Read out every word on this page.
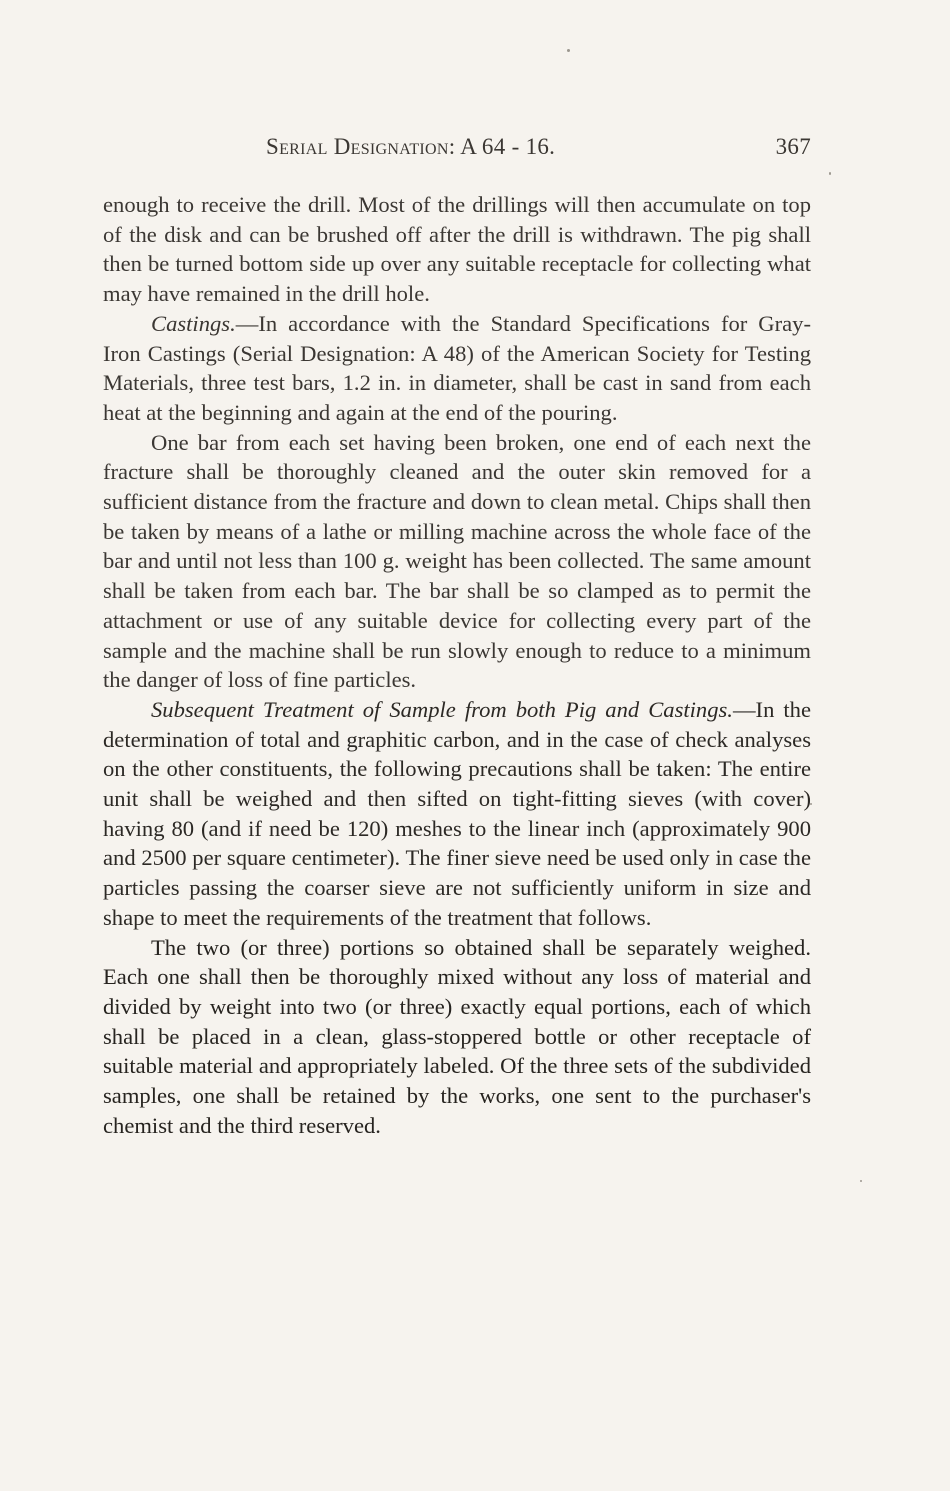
Serial Designation: A 64 - 16.	367

enough to receive the drill. Most of the drillings will then accumulate on top of the disk and can be brushed off after the drill is withdrawn. The pig shall then be turned bottom side up over any suitable receptacle for collecting what may have remained in the drill hole.

Castings.—In accordance with the Standard Specifications for Gray-Iron Castings (Serial Designation: A 48) of the American Society for Testing Materials, three test bars, 1.2 in. in diameter, shall be cast in sand from each heat at the beginning and again at the end of the pouring.

One bar from each set having been broken, one end of each next the fracture shall be thoroughly cleaned and the outer skin removed for a sufficient distance from the fracture and down to clean metal. Chips shall then be taken by means of a lathe or milling machine across the whole face of the bar and until not less than 100 g. weight has been collected. The same amount shall be taken from each bar. The bar shall be so clamped as to permit the attachment or use of any suitable device for collecting every part of the sample and the machine shall be run slowly enough to reduce to a minimum the danger of loss of fine particles.

Subsequent Treatment of Sample from both Pig and Castings.—In the determination of total and graphitic carbon, and in the case of check analyses on the other constituents, the following precautions shall be taken: The entire unit shall be weighed and then sifted on tight-fitting sieves (with cover) having 80 (and if need be 120) meshes to the linear inch (approximately 900 and 2500 per square centimeter). The finer sieve need be used only in case the particles passing the coarser sieve are not sufficiently uniform in size and shape to meet the requirements of the treatment that follows.

The two (or three) portions so obtained shall be separately weighed. Each one shall then be thoroughly mixed without any loss of material and divided by weight into two (or three) exactly equal portions, each of which shall be placed in a clean, glass-stoppered bottle or other receptacle of suitable material and appropriately labeled. Of the three sets of the subdivided samples, one shall be retained by the works, one sent to the purchaser's chemist and the third reserved.
